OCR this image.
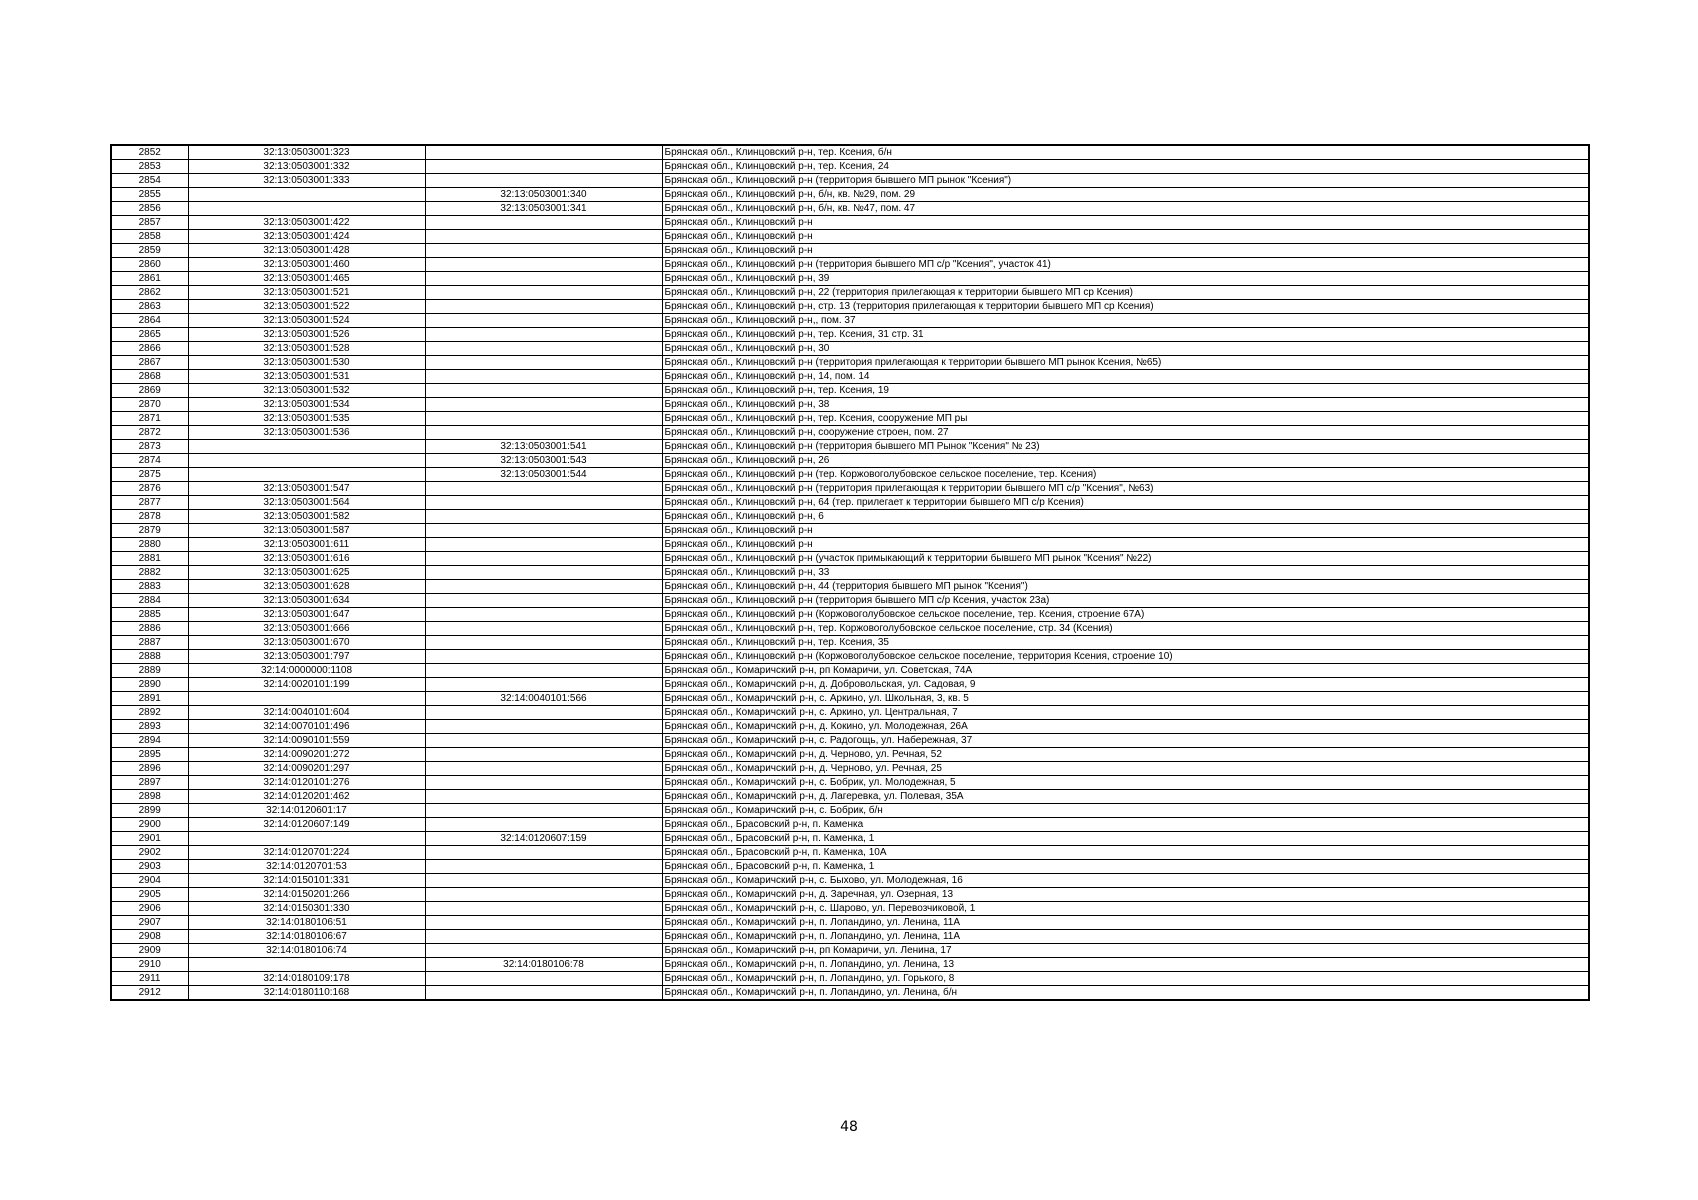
2852	32:13:0503001:323		Брянская обл., Клинцовский р-н, тер. Ксения, б/н
2853	32:13:0503001:332		Брянская обл., Клинцовский р-н, тер. Ксения, 24
2854	32:13:0503001:333		Брянская обл., Клинцовский р-н (территория бывшего МП рынок "Ксения")
2855		32:13:0503001:340	Брянская обл., Клинцовский р-н, б/н, кв. №29, пом. 29
2856		32:13:0503001:341	Брянская обл., Клинцовский р-н, б/н, кв. №47, пом. 47
2857	32:13:0503001:422		Брянская обл., Клинцовский р-н
2858	32:13:0503001:424		Брянская обл., Клинцовский р-н
2859	32:13:0503001:428		Брянская обл., Клинцовский р-н
2860	32:13:0503001:460		Брянская обл., Клинцовский р-н (территория бывшего МП с/р "Ксения", участок 41)
2861	32:13:0503001:465		Брянская обл., Клинцовский р-н, 39
2862	32:13:0503001:521		Брянская обл., Клинцовский р-н, 22 (территория прилегающая к территории бывшего МП ср Ксения)
2863	32:13:0503001:522		Брянская обл., Клинцовский р-н, стр. 13 (территория прилегающая к территории бывшего МП ср Ксения)
2864	32:13:0503001:524		Брянская обл., Клинцовский р-н,, пом. 37
2865	32:13:0503001:526		Брянская обл., Клинцовский р-н, тер. Ксения, 31 стр. 31
2866	32:13:0503001:528		Брянская обл., Клинцовский р-н, 30
2867	32:13:0503001:530		Брянская обл., Клинцовский р-н (территория прилегающая к территории бывшего МП рынок Ксения, №65)
2868	32:13:0503001:531		Брянская обл., Клинцовский р-н, 14, пом. 14
2869	32:13:0503001:532		Брянская обл., Клинцовский р-н, тер. Ксения, 19
2870	32:13:0503001:534		Брянская обл., Клинцовский р-н, 38
2871	32:13:0503001:535		Брянская обл., Клинцовский р-н, тер. Ксения, сооружение МП ры
2872	32:13:0503001:536		Брянская обл., Клинцовский р-н, сооружение строен, пом. 27
2873		32:13:0503001:541	Брянская обл., Клинцовский р-н (территория бывшего МП Рынок "Ксения" № 23)
2874		32:13:0503001:543	Брянская обл., Клинцовский р-н, 26
2875		32:13:0503001:544	Брянская обл., Клинцовский р-н (тер. Коржовоголубовское сельское поселение, тер. Ксения)
2876	32:13:0503001:547		Брянская обл., Клинцовский р-н (территория прилегающая к территории бывшего МП с/р "Ксения", №63)
2877	32:13:0503001:564		Брянская обл., Клинцовский р-н, 64 (тер. прилегает к территории бывшего МП с/р Ксения)
2878	32:13:0503001:582		Брянская обл., Клинцовский р-н, 6
2879	32:13:0503001:587		Брянская обл., Клинцовский р-н
2880	32:13:0503001:611		Брянская обл., Клинцовский р-н
2881	32:13:0503001:616		Брянская обл., Клинцовский р-н (участок примыкающий к территории бывшего МП рынок "Ксения" №22)
2882	32:13:0503001:625		Брянская обл., Клинцовский р-н, 33
2883	32:13:0503001:628		Брянская обл., Клинцовский р-н, 44 (территория бывшего МП рынок "Ксения")
2884	32:13:0503001:634		Брянская обл., Клинцовский р-н (территория бывшего МП с/р Ксения, участок 23а)
2885	32:13:0503001:647		Брянская обл., Клинцовский р-н (Коржовоголубовское сельское поселение, тер. Ксения, строение 67А)
2886	32:13:0503001:666		Брянская обл., Клинцовский р-н, тер. Коржовоголубовское сельское поселение, стр. 34 (Ксения)
2887	32:13:0503001:670		Брянская обл., Клинцовский р-н, тер. Ксения, 35
2888	32:13:0503001:797		Брянская обл., Клинцовский р-н (Коржовоголубовское сельское поселение, территория Ксения, строение 10)
2889	32:14:0000000:1108		Брянская обл., Комаричский р-н, рп Комаричи, ул. Советская, 74А
2890	32:14:0020101:199		Брянская обл., Комаричский р-н, д. Добровольская, ул. Садовая, 9
2891		32:14:0040101:566	Брянская обл., Комаричский р-н, с. Аркино, ул. Школьная, 3, кв. 5
2892	32:14:0040101:604		Брянская обл., Комаричский р-н, с. Аркино, ул. Центральная, 7
2893	32:14:0070101:496		Брянская обл., Комаричский р-н, д. Кокино, ул. Молодежная, 26А
2894	32:14:0090101:559		Брянская обл., Комаричский р-н, с. Радогощь, ул. Набережная, 37
2895	32:14:0090201:272		Брянская обл., Комаричский р-н, д. Черново, ул. Речная, 52
2896	32:14:0090201:297		Брянская обл., Комаричский р-н, д. Черново, ул. Речная, 25
2897	32:14:0120101:276		Брянская обл., Комаричский р-н, с. Бобрик, ул. Молодежная, 5
2898	32:14:0120201:462		Брянская обл., Комаричский р-н, д. Лагеревка, ул. Полевая, 35А
2899	32:14:0120601:17		Брянская обл., Комаричский р-н, с. Бобрик, б/н
2900	32:14:0120607:149		Брянская обл., Брасовский р-н, п. Каменка
2901		32:14:0120607:159	Брянская обл., Брасовский р-н, п. Каменка, 1
2902	32:14:0120701:224		Брянская обл., Брасовский р-н, п. Каменка, 10А
2903	32:14:0120701:53		Брянская обл., Брасовский р-н, п. Каменка, 1
2904	32:14:0150101:331		Брянская обл., Комаричский р-н, с. Быхово, ул. Молодежная, 16
2905	32:14:0150201:266		Брянская обл., Комаричский р-н, д. Заречная, ул. Озерная, 13
2906	32:14:0150301:330		Брянская обл., Комаричский р-н, с. Шарово, ул. Перевозчиковой, 1
2907	32:14:0180106:51		Брянская обл., Комаричский р-н, п. Лопандино, ул. Ленина, 11А
2908	32:14:0180106:67		Брянская обл., Комаричский р-н, п. Лопандино, ул. Ленина, 11А
2909	32:14:0180106:74		Брянская обл., Комаричский р-н, рп Комаричи, ул. Ленина, 17
2910		32:14:0180106:78	Брянская обл., Комаричский р-н, п. Лопандино, ул. Ленина, 13
2911	32:14:0180109:178		Брянская обл., Комаричский р-н, п. Лопандино, ул. Горького, 8
2912	32:14:0180110:168		Брянская обл., Комаричский р-н, п. Лопандино, ул. Ленина, б/н
48
